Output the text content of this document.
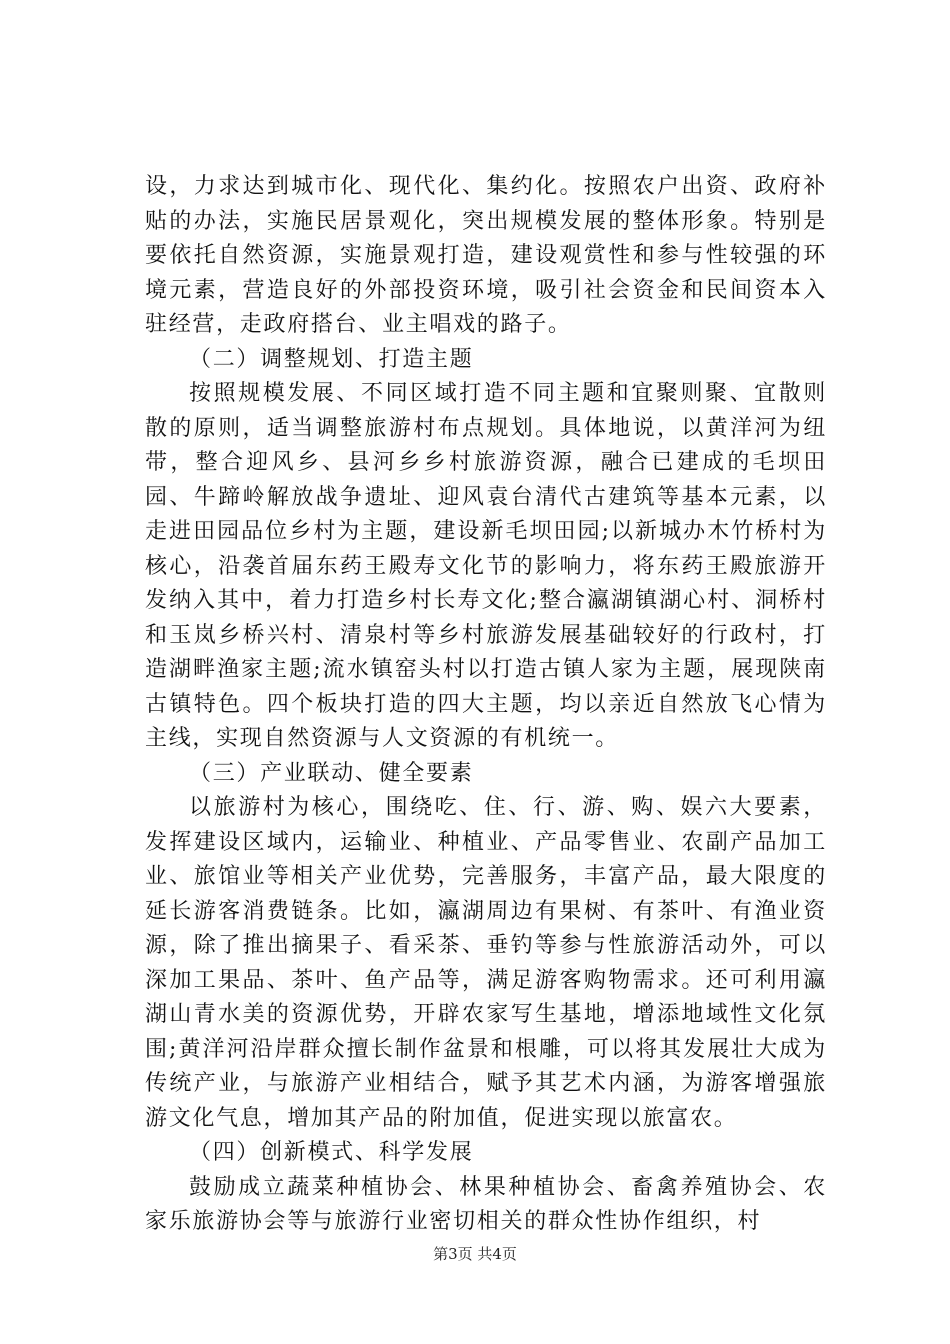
设，力求达到城市化、现代化、集约化。按照农户出资、政府补贴的办法，实施民居景观化，突出规模发展的整体形象。特别是要依托自然资源，实施景观打造，建设观赏性和参与性较强的环境元素，营造良好的外部投资环境，吸引社会资金和民间资本入驻经营，走政府搭台、业主唱戏的路子。

（二）调整规划、打造主题

按照规模发展、不同区域打造不同主题和宜聚则聚、宜散则散的原则，适当调整旅游村布点规划。具体地说，以黄洋河为纽带，整合迎风乡、县河乡乡村旅游资源，融合已建成的毛坝田园、牛蹄岭解放战争遗址、迎风袁台清代古建筑等基本元素，以走进田园品位乡村为主题，建设新毛坝田园;以新城办木竹桥村为核心，沿袭首届东药王殿寿文化节的影响力，将东药王殿旅游开发纳入其中，着力打造乡村长寿文化;整合瀛湖镇湖心村、洞桥村和玉岚乡桥兴村、清泉村等乡村旅游发展基础较好的行政村，打造湖畔渔家主题;流水镇窑头村以打造古镇人家为主题，展现陕南古镇特色。四个板块打造的四大主题，均以亲近自然放飞心情为主线，实现自然资源与人文资源的有机统一。

（三）产业联动、健全要素

以旅游村为核心，围绕吃、住、行、游、购、娱六大要素，发挥建设区域内，运输业、种植业、产品零售业、农副产品加工业、旅馆业等相关产业优势，完善服务，丰富产品，最大限度的延长游客消费链条。比如，瀛湖周边有果树、有茶叶、有渔业资源，除了推出摘果子、看采茶、垂钓等参与性旅游活动外，可以深加工果品、茶叶、鱼产品等，满足游客购物需求。还可利用瀛湖山青水美的资源优势，开辟农家写生基地，增添地域性文化氛围;黄洋河沿岸群众擅长制作盆景和根雕，可以将其发展壮大成为传统产业，与旅游产业相结合，赋予其艺术内涵，为游客增强旅游文化气息，增加其产品的附加值，促进实现以旅富农。

（四）创新模式、科学发展

鼓励成立蔬菜种植协会、林果种植协会、畜禽养殖协会、农家乐旅游协会等与旅游行业密切相关的群众性协作组织，村

第3页 共4页
